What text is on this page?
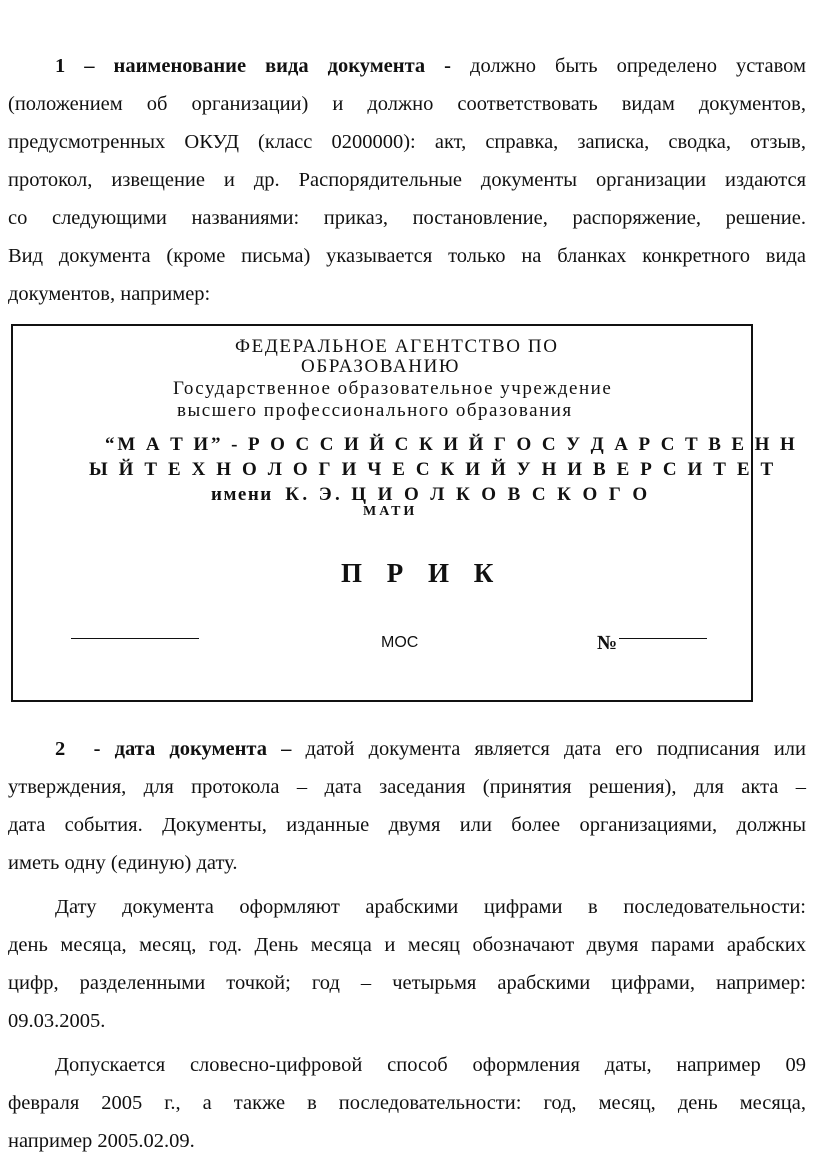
1 – наименование вида документа - должно быть определено уставом
(положением об организации) и должно соответствовать видам документов,
предусмотренных ОКУД (класс 0200000): акт, справка, записка, сводка, отзыв,
протокол, извещение и др. Распорядительные документы организации издаются
со следующими названиями: приказ, постановление, распоряжение, решение.
Вид документа (кроме письма) указывается только на бланках конкретного вида
документов, например:
ФЕДЕРАЛЬНОЕ АГЕНТСТВО ПО
ОБРАЗОВАНИЮ
Государственное образовательное учреждение
высшего профессионального образования
“М А Т И” - Р О С С И Й С К И Й Г О С У Д А Р С Т В Е Н Н
Ы Й Т Е Х Н О Л О Г И Ч Е С К И Й У Н И В Е Р С И Т Е Т
имени К. Э. Ц И О Л К О В С К О Г О
МАТИ
П Р И К
МОС	№
2 - дата документа – датой документа является дата его подписания или
утверждения, для протокола – дата заседания (принятия решения), для акта –
дата события. Документы, изданные двумя или более организациями, должны
иметь одну (единую) дату.
Дату документа оформляют арабскими цифрами в последовательности:
день месяца, месяц, год. День месяца и месяц обозначают двумя парами арабских
цифр, разделенными точкой; год – четырьмя арабскими цифрами, например:
09.03.2005.
Допускается словесно-цифровой способ оформления даты, например 09
февраля 2005 г., а также в последовательности: год, месяц, день месяца,
например 2005.02.09.
